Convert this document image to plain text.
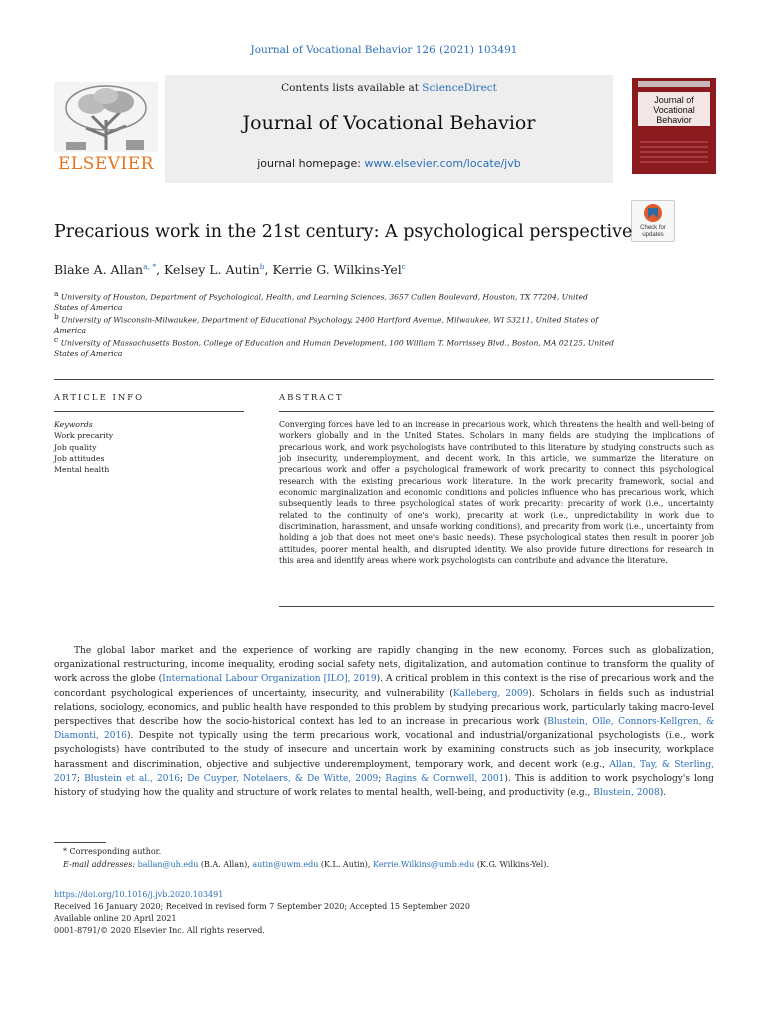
Journal of Vocational Behavior 126 (2021) 103491
ELSEVIER
Contents lists available at ScienceDirect
Journal of Vocational Behavior
journal homepage: www.elsevier.com/locate/jvb
Journal of Vocational Behavior
Check for updates
Precarious work in the 21st century: A psychological perspective
Blake A. Allan$^{a, *}$, Kelsey L. Autin$^b$, Kerrie G. Wilkins-Yel$^c$
$^a$ University of Houston, Department of Psychological, Health, and Learning Sciences, 3657 Cullen Boulevard, Houston, TX 77204, United States of America
$^b$ University of Wisconsin-Milwaukee, Department of Educational Psychology, 2400 Hartford Avenue, Milwaukee, WI 53211, United States of America
$^c$ University of Massachusetts Boston, College of Education and Human Development, 100 William T. Morrissey Blvd., Boston, MA 02125, United States of America
ARTICLE INFO	ABSTRACT
Keywords
Work precarity
Job quality
Job attitudes
Mental health
Converging forces have led to an increase in precarious work, which threatens the health and well-being of workers globally and in the United States. Scholars in many fields are studying the implications of precarious work, and work psychologists have contributed to this literature by studying constructs such as job insecurity, underemployment, and decent work. In this article, we summarize the literature on precarious work and offer a psychological framework of work precarity to connect this psychological research with the existing precarious work literature. In the work precarity framework, social and economic marginalization and economic conditions and policies influence who has precarious work, which subsequently leads to three psychological states of work precarity: precarity of work (i.e., uncertainty related to the continuity of one's work), precarity at work (i.e., unpredictability in work due to discrimination, harassment, and unsafe working conditions), and precarity from work (i.e., uncertainty from holding a job that does not meet one's basic needs). These psychological states then result in poorer job attitudes, poorer mental health, and disrupted identity. We also provide future directions for research in this area and identify areas where work psychologists can contribute and advance the literature.
The global labor market and the experience of working are rapidly changing in the new economy. Forces such as globalization, organizational restructuring, income inequality, eroding social safety nets, digitalization, and automation continue to transform the quality of work across the globe (International Labour Organization [ILO], 2019). A critical problem in this context is the rise of precarious work and the concordant psychological experiences of uncertainty, insecurity, and vulnerability (Kalleberg, 2009). Scholars in fields such as industrial relations, sociology, economics, and public health have responded to this problem by studying precarious work, particularly taking macro-level perspectives that describe how the socio-historical context has led to an increase in precarious work (Blustein, Olle, Connors-Kellgren, & Diamonti, 2016). Despite not typically using the term precarious work, vocational and industrial/organizational psychologists (i.e., work psychologists) have contributed to the study of insecure and uncertain work by examining constructs such as job insecurity, workplace harassment and discrimination, objective and subjective underemployment, temporary work, and decent work (e.g., Allan, Tay, & Sterling, 2017; Blustein et al., 2016; De Cuyper, Notelaers, & De Witte, 2009; Ragins & Cornwell, 2001). This is addition to work psychology's long history of studying how the quality and structure of work relates to mental health, well-being, and productivity (e.g., Blustein, 2008).
* Corresponding author.
E-mail addresses: ballan@uh.edu (B.A. Allan), autin@uwm.edu (K.L. Autin), Kerrie.Wilkins@umb.edu (K.G. Wilkins-Yel).
https://doi.org/10.1016/j.jvb.2020.103491
Received 16 January 2020; Received in revised form 7 September 2020; Accepted 15 September 2020
Available online 20 April 2021
0001-8791/© 2020 Elsevier Inc. All rights reserved.
